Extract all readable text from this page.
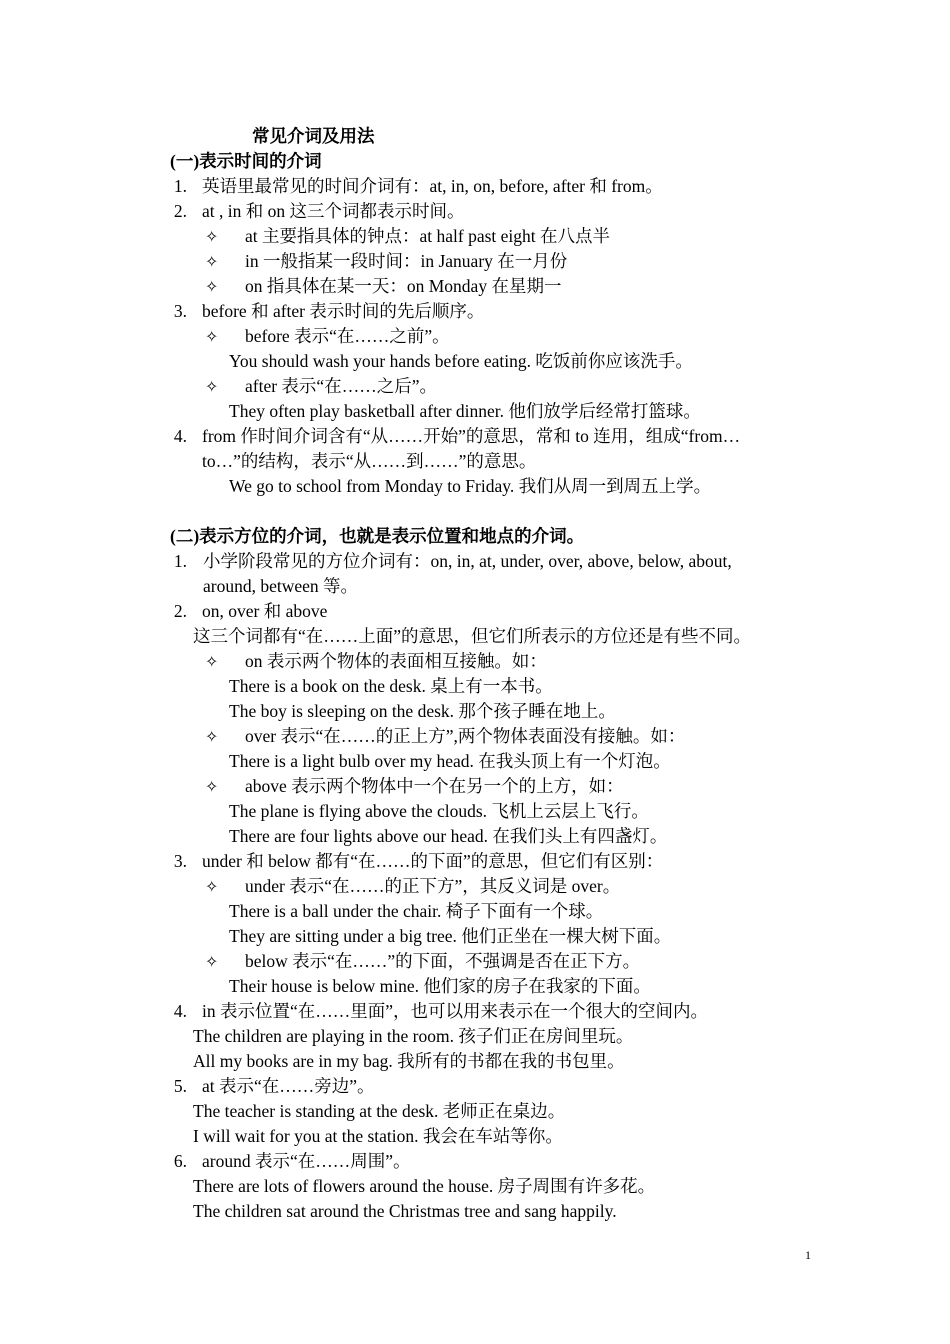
常见介词及用法
(一)表示时间的介词
1. 英语里最常见的时间介词有：at, in, on, before, after 和 from。
2. at , in 和 on 这三个词都表示时间。
✧ at 主要指具体的钟点：at half past eight 在八点半
✧ in 一般指某一段时间：in January 在一月份
✧ on 指具体在某一天：on Monday 在星期一
3. before 和 after 表示时间的先后顺序。
✧ before 表示“在……之前”。
You should wash your hands before eating. 吃饭前你应该洗手。
✧ after 表示“在……之后”。
They often play basketball after dinner. 他们放学后经常打篮球。
4. from 作时间介词含有“从……开始”的意思，常和 to 连用，组成“from…
to…”的结构，表示“从……到……”的意思。
We go to school from Monday to Friday. 我们从周一到周五上学。
(二)表示方位的介词，也就是表示位置和地点的介词。
1. 小学阶段常见的方位介词有：on, in, at, under, over, above, below, about,
around, between 等。
2. on, over 和 above
这三个词都有“在……上面”的意思，但它们所表示的方位还是有些不同。
✧ on 表示两个物体的表面相互接触。如：
There is a book on the desk. 桌上有一本书。
The boy is sleeping on the desk. 那个孩子睡在地上。
✧ over 表示“在……的正上方”,两个物体表面没有接触。如：
There is a light bulb over my head. 在我头顶上有一个灯泡。
✧ above 表示两个物体中一个在另一个的上方，如：
The plane is flying above the clouds. 飞机上云层上飞行。
There are four lights above our head. 在我们头上有四盏灯。
3. under 和 below 都有“在……的下面”的意思，但它们有区别：
✧ under 表示“在……的正下方”，其反义词是 over。
There is a ball under the chair. 椅子下面有一个球。
They are sitting under a big tree. 他们正坐在一棵大树下面。
✧ below 表示“在……”的下面，不强调是否在正下方。
Their house is below mine. 他们家的房子在我家的下面。
4. in 表示位置“在……里面”，也可以用来表示在一个很大的空间内。
The children are playing in the room. 孩子们正在房间里玩。
All my books are in my bag. 我所有的书都在我的书包里。
5. at 表示“在……旁边”。
The teacher is standing at the desk. 老师正在桌边。
I will wait for you at the station. 我会在车站等你。
6. around 表示“在……周围”。
There are lots of flowers around the house. 房子周围有许多花。
The children sat around the Christmas tree and sang happily.
1
